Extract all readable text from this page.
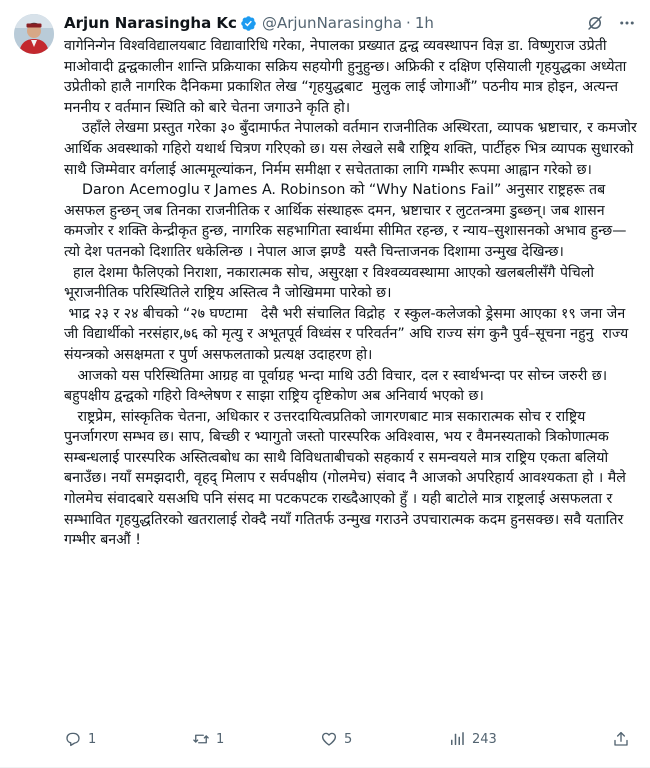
Arjun Narasingha Kc @ArjunNarasingha · 1h

वागेनिन्गेन विश्वविद्यालयबाट विद्यावारिधि गरेका, नेपालका प्रख्यात द्वन्द्व व्यवस्थापन विज्ञ डा. विष्णुराज उप्रेती माओवादी द्वन्द्वकालीन शान्ति प्रक्रियाका सक्रिय सहयोगी हुनुहुन्छ। अफ्रिकी र दक्षिण एसियाली गृहयुद्धका अध्येता उप्रेतीको हालै नागरिक दैनिकमा प्रकाशित लेख “गृहयुद्धबाट  मुलुक लाई जोगाऔं” पठनीय मात्र होइन, अत्यन्त मननीय र वर्तमान स्थिति को बारे चेतना जगाउने कृति हो।

उहाँले लेखमा प्रस्तुत गरेका ३० बुँदामार्फत नेपालको वर्तमान राजनीतिक अस्थिरता, व्यापक भ्रष्टाचार, र कमजोर आर्थिक अवस्थाको गहिरो यथार्थ चित्रण गरिएको छ। यस लेखले सबै राष्ट्रिय शक्ति, पार्टीहरु भित्र व्यापक सुधारको साथै जिम्मेवार वर्गलाई आत्ममूल्यांकन, निर्मम समीक्षा र सचेतताका लागि गम्भीर रूपमा आह्वान गरेको छ।

Daron Acemoglu र James A. Robinson को “Why Nations Fail” अनुसार राष्ट्रहरू तब असफल हुन्छन् जब तिनका राजनीतिक र आर्थिक संस्थाहरू दमन, भ्रष्टाचार र लुटतन्त्रमा डुब्छन्। जब शासन कमजोर र शक्ति केन्द्रीकृत हुन्छ, नागरिक सहभागिता स्वार्थमा सीमित रहन्छ, र न्याय–सुशासनको अभाव हुन्छ—त्यो देश पतनको दिशातिर धकेलिन्छ । नेपाल आज झण्डै  यस्तै चिन्ताजनक दिशामा उन्मुख देखिन्छ।

हाल देशमा फैलिएको निराशा, नकारात्मक सोच, असुरक्षा र विश्वव्यवस्थामा आएको खलबलीसँगै पेचिलो भूराजनीतिक परिस्थितिले राष्ट्रिय अस्तित्व नै जोखिममा पारेको छ।

भाद्र २३ र २४ बीचको “२७ घण्टामा   देसै भरी संचालित विद्रोह  र स्कुल-कलेजको ड्रेसमा आएका १९ जना जेन जी विद्यार्थीको नरसंहार,७६ को मृत्यु र अभूतपूर्व विध्वंस र परिवर्तन” अघि राज्य संग कुनै पुर्व–सूचना नहुनु  राज्य संयन्त्रको असक्षमता र पुर्ण असफलताको प्रत्यक्ष उदाहरण हो।

आजको यस परिस्थितिमा आग्रह वा पूर्वाग्रह भन्दा माथि उठी विचार, दल र स्वार्थभन्दा पर सोच्न जरुरी छ। बहुपक्षीय द्वन्द्वको गहिरो विश्लेषण र साझा राष्ट्रिय दृष्टिकोण अब अनिवार्य भएको छ।

राष्ट्रप्रेम, सांस्कृतिक चेतना, अधिकार र उत्तरदायित्वप्रतिको जागरणबाट मात्र सकारात्मक सोच र राष्ट्रिय पुनर्जागरण सम्भव छ। साप, बिच्छी र भ्यागुतो जस्तो पारस्परिक अविश्वास, भय र वैमनस्यताको त्रिकोणात्मक सम्बन्धलाई पारस्परिक अस्तित्वबोध का साथै विविधताबीचको सहकार्य र समन्वयले मात्र राष्ट्रिय एकता बलियो बनाउँछ। नयाँ समझदारी, वृहद् मिलाप र सर्वपक्षीय (गोलमेच) संवाद नै आजको अपरिहार्य आवश्यकता हो । मैले गोलमेच संवादबारे यसअघि पनि संसद मा पटकपटक राख्दैआएको हुँ । यही बाटोले मात्र राष्ट्रलाई असफलता र सम्भावित गृहयुद्धतिरको खतरालाई रोक्दै नयाँ गतितर्फ उन्मुख गराउने उपचारात्मक कदम हुनसक्छ। सवै यतातिर गम्भीर बनऔं !

1	1	5	243
